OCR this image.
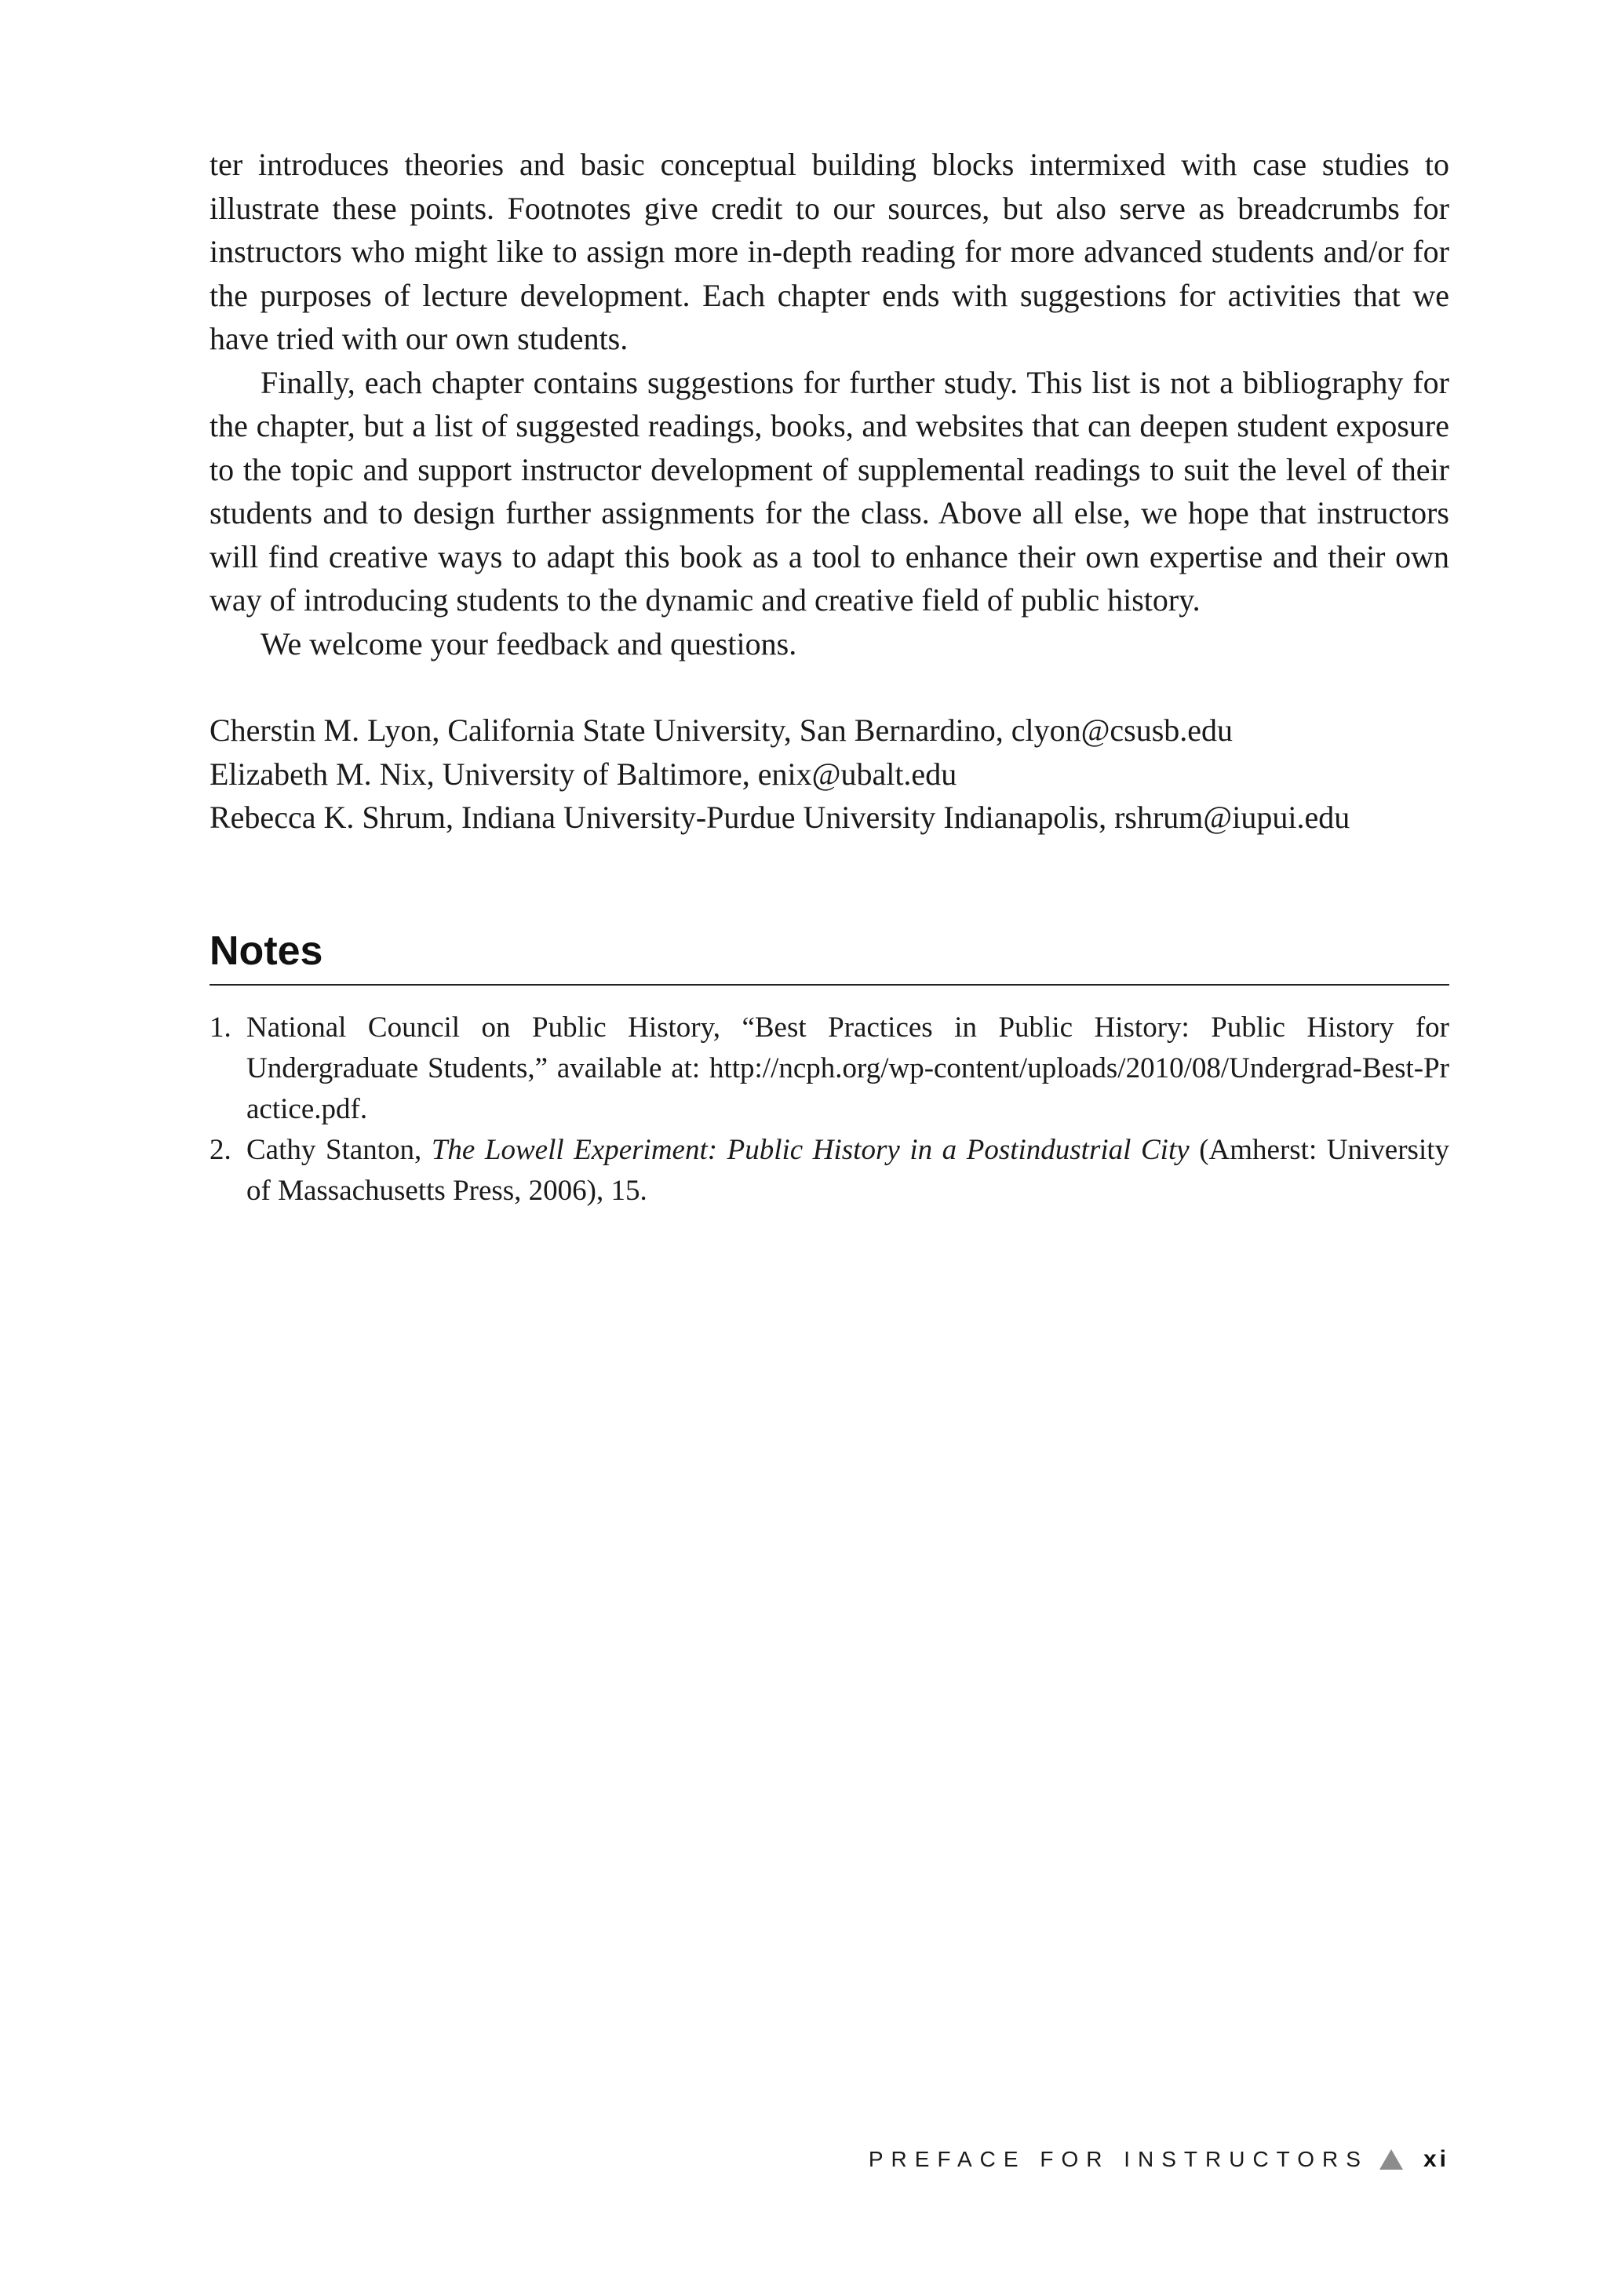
ter introduces theories and basic conceptual building blocks intermixed with case studies to illustrate these points. Footnotes give credit to our sources, but also serve as breadcrumbs for instructors who might like to assign more in-depth reading for more advanced students and/or for the purposes of lecture development. Each chapter ends with suggestions for activities that we have tried with our own students.

Finally, each chapter contains suggestions for further study. This list is not a bibliography for the chapter, but a list of suggested readings, books, and websites that can deepen student exposure to the topic and support instructor development of supplemental readings to suit the level of their students and to design further assignments for the class. Above all else, we hope that instructors will find creative ways to adapt this book as a tool to enhance their own expertise and their own way of introducing students to the dynamic and creative field of public history.

We welcome your feedback and questions.

Cherstin M. Lyon, California State University, San Bernardino, clyon@csusb.edu
Elizabeth M. Nix, University of Baltimore, enix@ubalt.edu
Rebecca K. Shrum, Indiana University-Purdue University Indianapolis, rshrum@iupui.edu
Notes
1. National Council on Public History, “Best Practices in Public History: Public History for Undergraduate Students,” available at: http://ncph.org/wp-content/uploads/2010/08/Undergrad-Best-Practice.pdf.
2. Cathy Stanton, The Lowell Experiment: Public History in a Postindustrial City (Amherst: University of Massachusetts Press, 2006), 15.
PREFACE FOR INSTRUCTORS xi
